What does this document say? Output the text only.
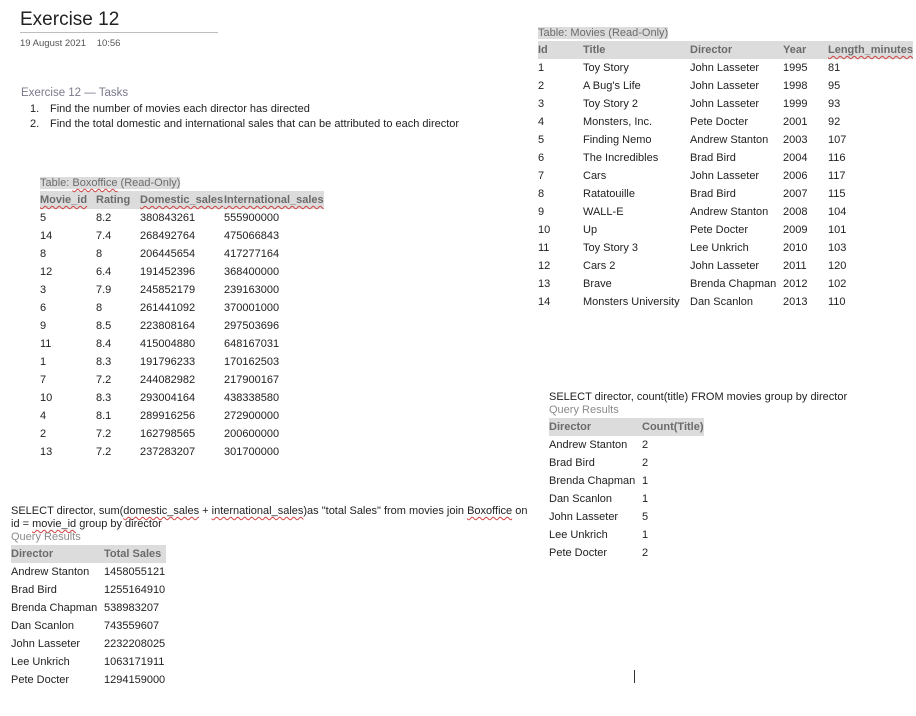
Exercise 12
19 August 2021 10:56
Exercise 12 — Tasks
1. Find the number of movies each director has directed
2. Find the total domestic and international sales that can be attributed to each director
Table: Boxoffice (Read-Only)
Movie_id	Rating	Domestic_sales	International_sales
5	8.2	380843261	555900000
14	7.4	268492764	475066843
8	8	206445654	417277164
12	6.4	191452396	368400000
3	7.9	245852179	239163000
6	8	261441092	370001000
9	8.5	223808164	297503696
11	8.4	415004880	648167031
1	8.3	191796233	170162503
7	7.2	244082982	217900167
10	8.3	293004164	438338580
4	8.1	289916256	272900000
2	7.2	162798565	200600000
13	7.2	237283207	301700000
Table: Movies (Read-Only)
Id	Title	Director	Year	Length_minutes
1	Toy Story	John Lasseter	1995	81
2	A Bug's Life	John Lasseter	1998	95
3	Toy Story 2	John Lasseter	1999	93
4	Monsters, Inc.	Pete Docter	2001	92
5	Finding Nemo	Andrew Stanton	2003	107
6	The Incredibles	Brad Bird	2004	116
7	Cars	John Lasseter	2006	117
8	Ratatouille	Brad Bird	2007	115
9	WALL-E	Andrew Stanton	2008	104
10	Up	Pete Docter	2009	101
11	Toy Story 3	Lee Unkrich	2010	103
12	Cars 2	John Lasseter	2011	120
13	Brave	Brenda Chapman	2012	102
14	Monsters University	Dan Scanlon	2013	110
SELECT director, count(title) FROM movies group by director
Query Results
Director	Count(Title)
Andrew Stanton	2
Brad Bird	2
Brenda Chapman	1
Dan Scanlon	1
John Lasseter	5
Lee Unkrich	1
Pete Docter	2
SELECT director, sum(domestic_sales + international_sales)as "total Sales" from movies join Boxoffice on
id = movie_id group by director
Query Results
Director	Total Sales
Andrew Stanton	1458055121
Brad Bird	1255164910
Brenda Chapman	538983207
Dan Scanlon	743559607
John Lasseter	2232208025
Lee Unkrich	1063171911
Pete Docter	1294159000
